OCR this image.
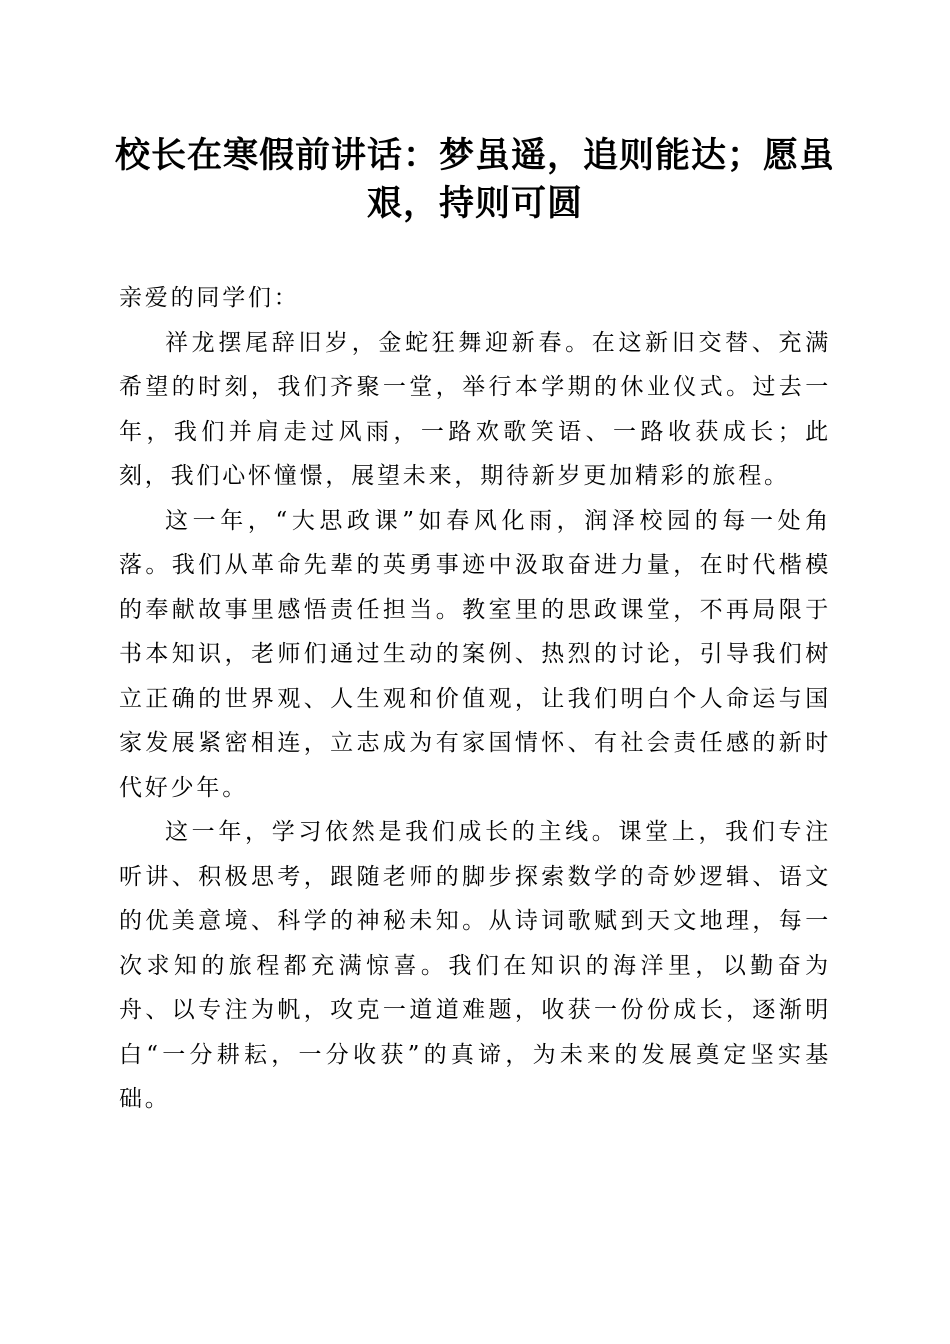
校长在寒假前讲话：梦虽遥，追则能达；愿虽艰，持则可圆

亲爱的同学们：

祥龙摆尾辞旧岁，金蛇狂舞迎新春。在这新旧交替、充满希望的时刻，我们齐聚一堂，举行本学期的休业仪式。过去一年，我们并肩走过风雨，一路欢歌笑语、一路收获成长；此刻，我们心怀憧憬，展望未来，期待新岁更加精彩的旅程。

这一年，“大思政课”如春风化雨，润泽校园的每一处角落。我们从革命先辈的英勇事迹中汲取奋进力量，在时代楷模的奉献故事里感悟责任担当。教室里的思政课堂，不再局限于书本知识，老师们通过生动的案例、热烈的讨论，引导我们树立正确的世界观、人生观和价值观，让我们明白个人命运与国家发展紧密相连，立志成为有家国情怀、有社会责任感的新时代好少年。

这一年，学习依然是我们成长的主线。课堂上，我们专注听讲、积极思考，跟随老师的脚步探索数学的奇妙逻辑、语文的优美意境、科学的神秘未知。从诗词歌赋到天文地理，每一次求知的旅程都充满惊喜。我们在知识的海洋里，以勤奋为舟、以专注为帆，攻克一道道难题，收获一份份成长，逐渐明白“一分耕耘，一分收获”的真谛，为未来的发展奠定坚实基础。
